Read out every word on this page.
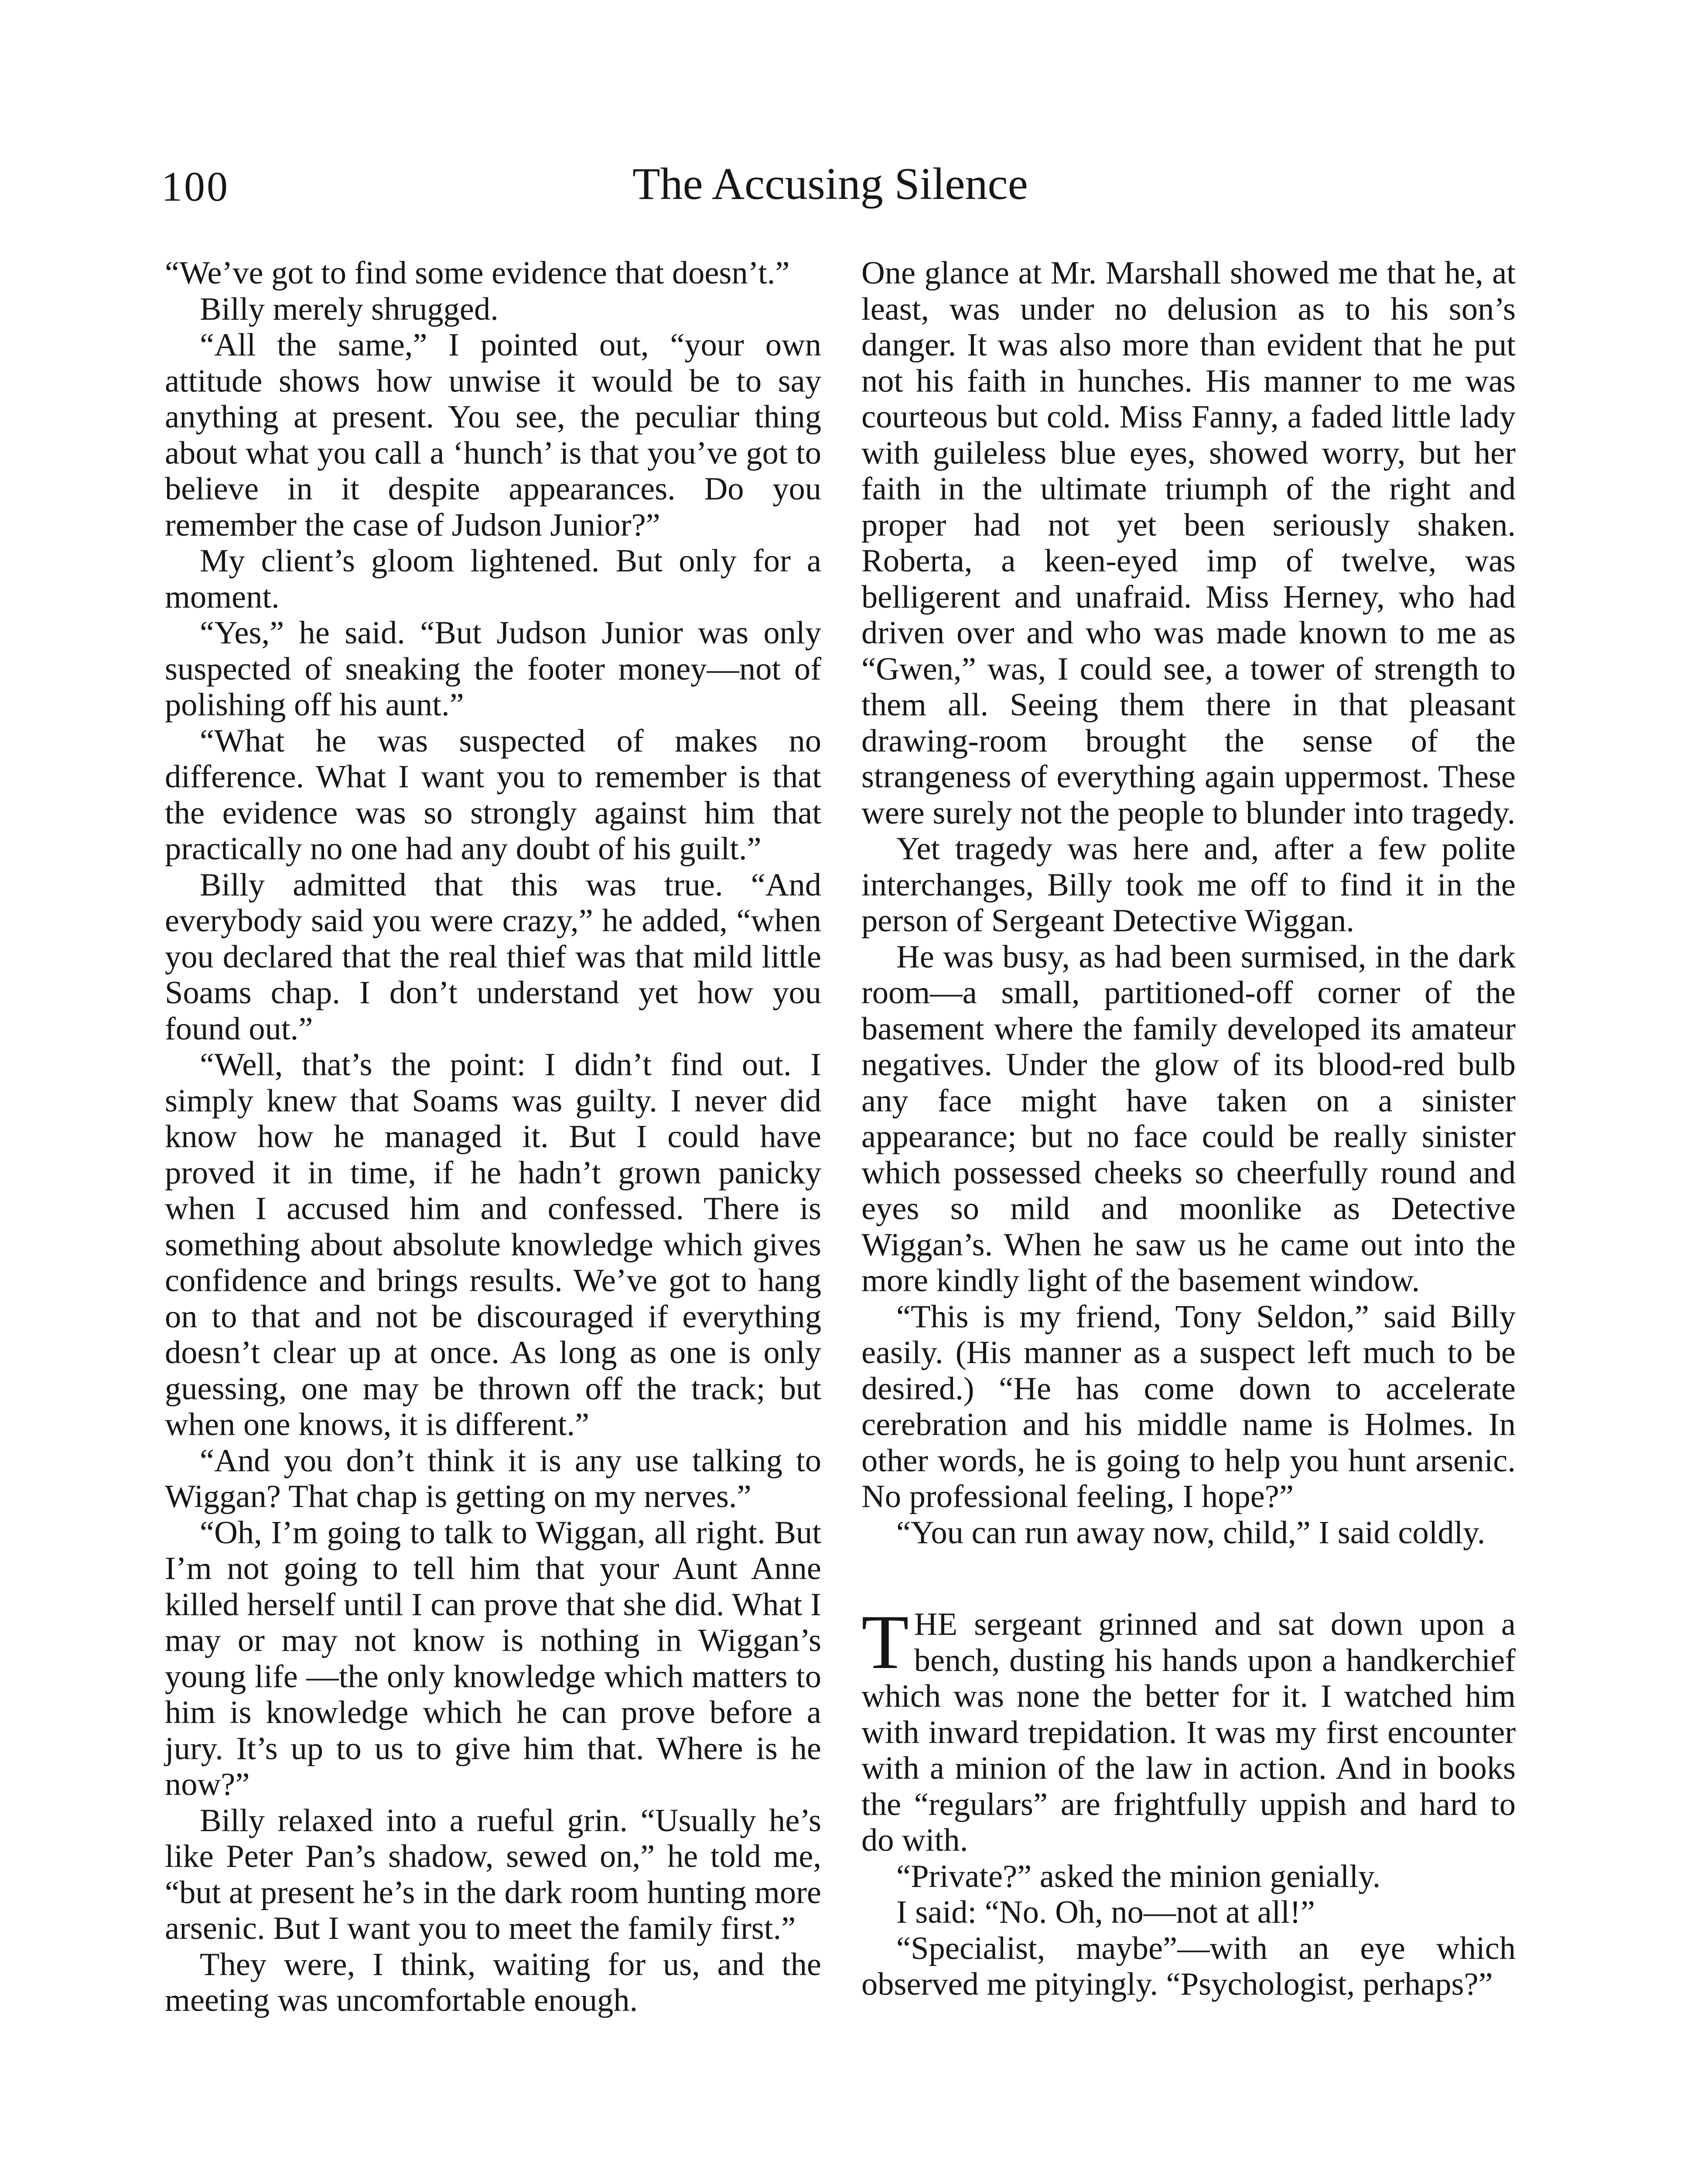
100	The Accusing Silence

“We’ve got to find some evidence that doesn’t.”

Billy merely shrugged.

“All the same,” I pointed out, “your own attitude shows how unwise it would be to say anything at present. You see, the peculiar thing about what you call a ‘hunch’ is that you’ve got to believe in it despite appearances. Do you remember the case of Judson Junior?”

My client’s gloom lightened. But only for a moment.

“Yes,” he said. “But Judson Junior was only suspected of sneaking the footer money—not of polishing off his aunt.”

“What he was suspected of makes no difference. What I want you to remember is that the evidence was so strongly against him that practically no one had any doubt of his guilt.”

Billy admitted that this was true. “And everybody said you were crazy,” he added, “when you declared that the real thief was that mild little Soams chap. I don’t understand yet how you found out.”

“Well, that’s the point: I didn’t find out. I simply knew that Soams was guilty. I never did know how he managed it. But I could have proved it in time, if he hadn’t grown panicky when I accused him and confessed. There is something about absolute knowledge which gives confidence and brings results. We’ve got to hang on to that and not be discouraged if everything doesn’t clear up at once. As long as one is only guessing, one may be thrown off the track; but when one knows, it is different.”

“And you don’t think it is any use talking to Wiggan? That chap is getting on my nerves.”

“Oh, I’m going to talk to Wiggan, all right. But I’m not going to tell him that your Aunt Anne killed herself until I can prove that she did. What I may or may not know is nothing in Wiggan’s young life —the only knowledge which matters to him is knowledge which he can prove before a jury. It’s up to us to give him that. Where is he now?”

Billy relaxed into a rueful grin. “Usually he’s like Peter Pan’s shadow, sewed on,” he told me, “but at present he’s in the dark room hunting more arsenic. But I want you to meet the family first.”

They were, I think, waiting for us, and the meeting was uncomfortable enough.

One glance at Mr. Marshall showed me that he, at least, was under no delusion as to his son’s danger. It was also more than evident that he put not his faith in hunches. His manner to me was courteous but cold. Miss Fanny, a faded little lady with guileless blue eyes, showed worry, but her faith in the ultimate triumph of the right and proper had not yet been seriously shaken. Roberta, a keen-eyed imp of twelve, was belligerent and unafraid. Miss Herney, who had driven over and who was made known to me as “Gwen,” was, I could see, a tower of strength to them all. Seeing them there in that pleasant drawing-room brought the sense of the strangeness of everything again uppermost. These were surely not the people to blunder into tragedy.

Yet tragedy was here and, after a few polite interchanges, Billy took me off to find it in the person of Sergeant Detective Wiggan.

He was busy, as had been surmised, in the dark room—a small, partitioned-off corner of the basement where the family developed its amateur negatives. Under the glow of its blood-red bulb any face might have taken on a sinister appearance; but no face could be really sinister which possessed cheeks so cheerfully round and eyes so mild and moonlike as Detective Wiggan’s. When he saw us he came out into the more kindly light of the basement window.

“This is my friend, Tony Seldon,” said Billy easily. (His manner as a suspect left much to be desired.) “He has come down to accelerate cerebration and his middle name is Holmes. In other words, he is going to help you hunt arsenic. No professional feeling, I hope?”

“You can run away now, child,” I said coldly.

THE sergeant grinned and sat down upon a bench, dusting his hands upon a handkerchief which was none the better for it. I watched him with inward trepidation. It was my first encounter with a minion of the law in action. And in books the “regulars” are frightfully uppish and hard to do with.

“Private?” asked the minion genially.

I said: “No. Oh, no—not at all!”

“Specialist, maybe”—with an eye which observed me pityingly. “Psychologist, perhaps?”
